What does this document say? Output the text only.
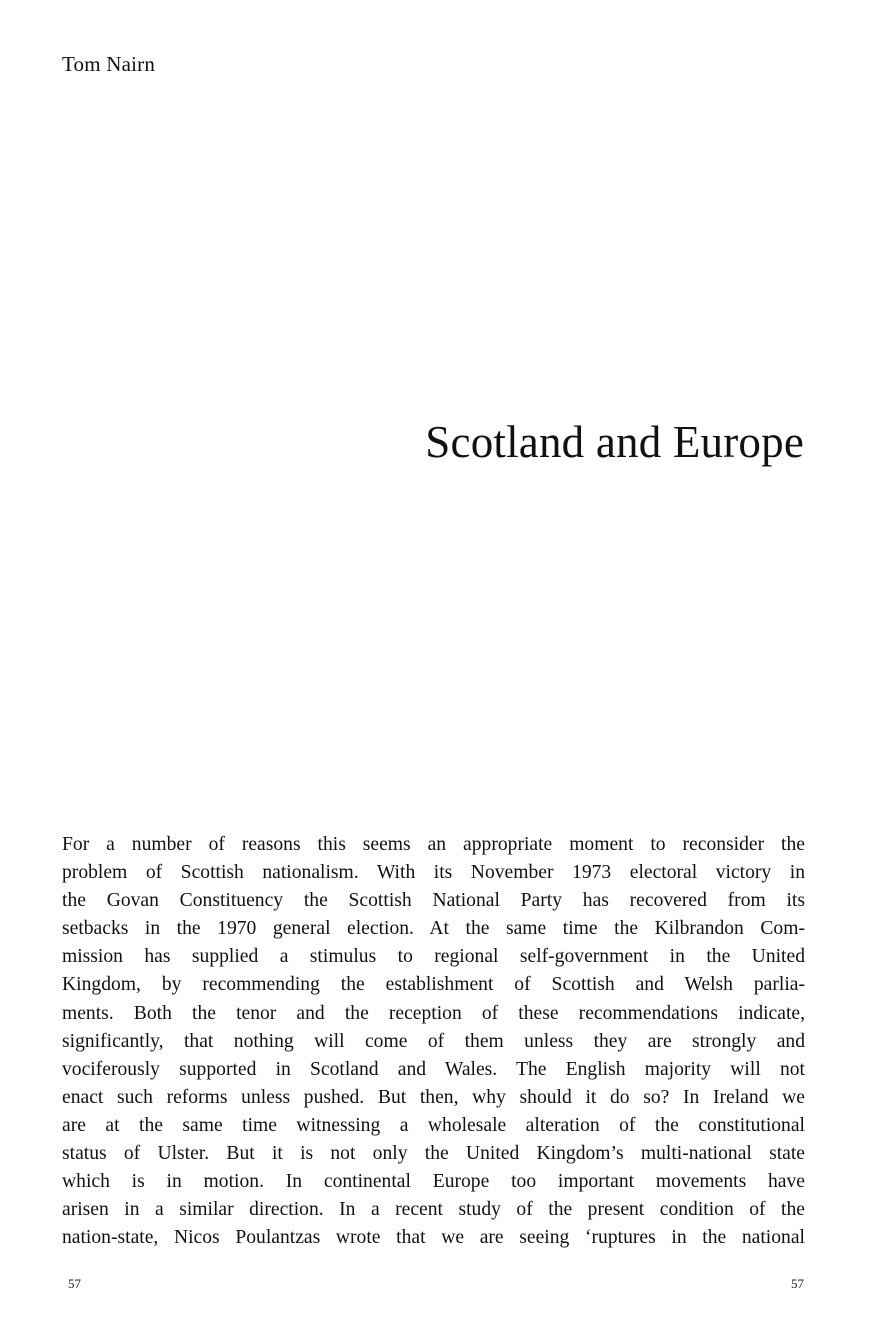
Tom Nairn
Scotland and Europe
For a number of reasons this seems an appropriate moment to reconsider the
problem of Scottish nationalism. With its November 1973 electoral victory in
the Govan Constituency the Scottish National Party has recovered from its
setbacks in the 1970 general election. At the same time the Kilbrandon Com-
mission has supplied a stimulus to regional self-government in the United
Kingdom, by recommending the establishment of Scottish and Welsh parlia-
ments. Both the tenor and the reception of these recommendations indicate,
significantly, that nothing will come of them unless they are strongly and
vociferously supported in Scotland and Wales. The English majority will not
enact such reforms unless pushed. But then, why should it do so? In Ireland we
are at the same time witnessing a wholesale alteration of the constitutional
status of Ulster. But it is not only the United Kingdom’s multi-national state
which is in motion. In continental Europe too important movements have
arisen in a similar direction. In a recent study of the present condition of the
nation-state, Nicos Poulantzas wrote that we are seeing ‘ruptures in the national
57	57
